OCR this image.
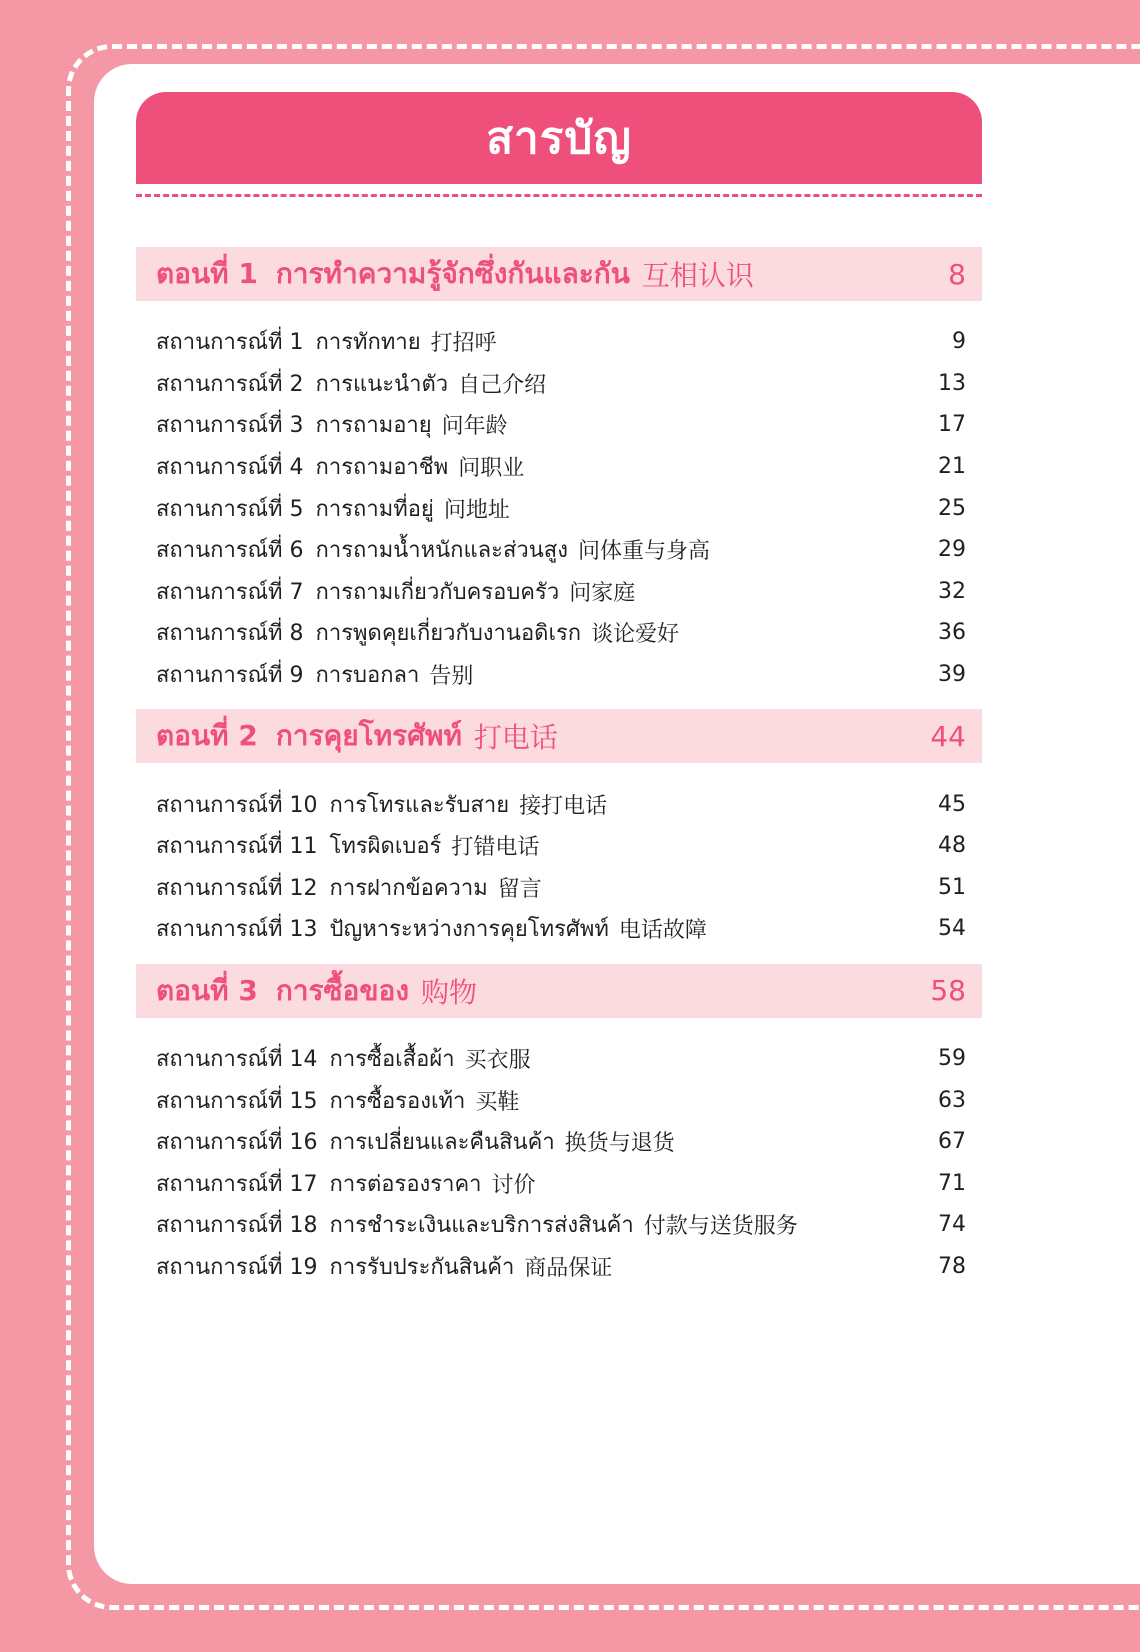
สารบัญ
ตอนที่ 1 การทำความรู้จักซึ่งกันและกัน 互相认识	8
สถานการณ์ที่ 1 การทักทาย 打招呼	9
สถานการณ์ที่ 2 การแนะนำตัว 自己介绍	13
สถานการณ์ที่ 3 การถามอายุ 问年龄	17
สถานการณ์ที่ 4 การถามอาชีพ 问职业	21
สถานการณ์ที่ 5 การถามที่อยู่ 问地址	25
สถานการณ์ที่ 6 การถามน้ำหนักและส่วนสูง 问体重与身高	29
สถานการณ์ที่ 7 การถามเกี่ยวกับครอบครัว 问家庭	32
สถานการณ์ที่ 8 การพูดคุยเกี่ยวกับงานอดิเรก 谈论爱好	36
สถานการณ์ที่ 9 การบอกลา 告别	39
ตอนที่ 2 การคุยโทรศัพท์ 打电话	44
สถานการณ์ที่ 10 การโทรและรับสาย 接打电话	45
สถานการณ์ที่ 11 โทรผิดเบอร์ 打错电话	48
สถานการณ์ที่ 12 การฝากข้อความ 留言	51
สถานการณ์ที่ 13 ปัญหาระหว่างการคุยโทรศัพท์ 电话故障	54
ตอนที่ 3 การซื้อของ 购物	58
สถานการณ์ที่ 14 การซื้อเสื้อผ้า 买衣服	59
สถานการณ์ที่ 15 การซื้อรองเท้า 买鞋	63
สถานการณ์ที่ 16 การเปลี่ยนและคืนสินค้า 换货与退货	67
สถานการณ์ที่ 17 การต่อรองราคา 讨价	71
สถานการณ์ที่ 18 การชำระเงินและบริการส่งสินค้า 付款与送货服务	74
สถานการณ์ที่ 19 การรับประกันสินค้า 商品保证	78
